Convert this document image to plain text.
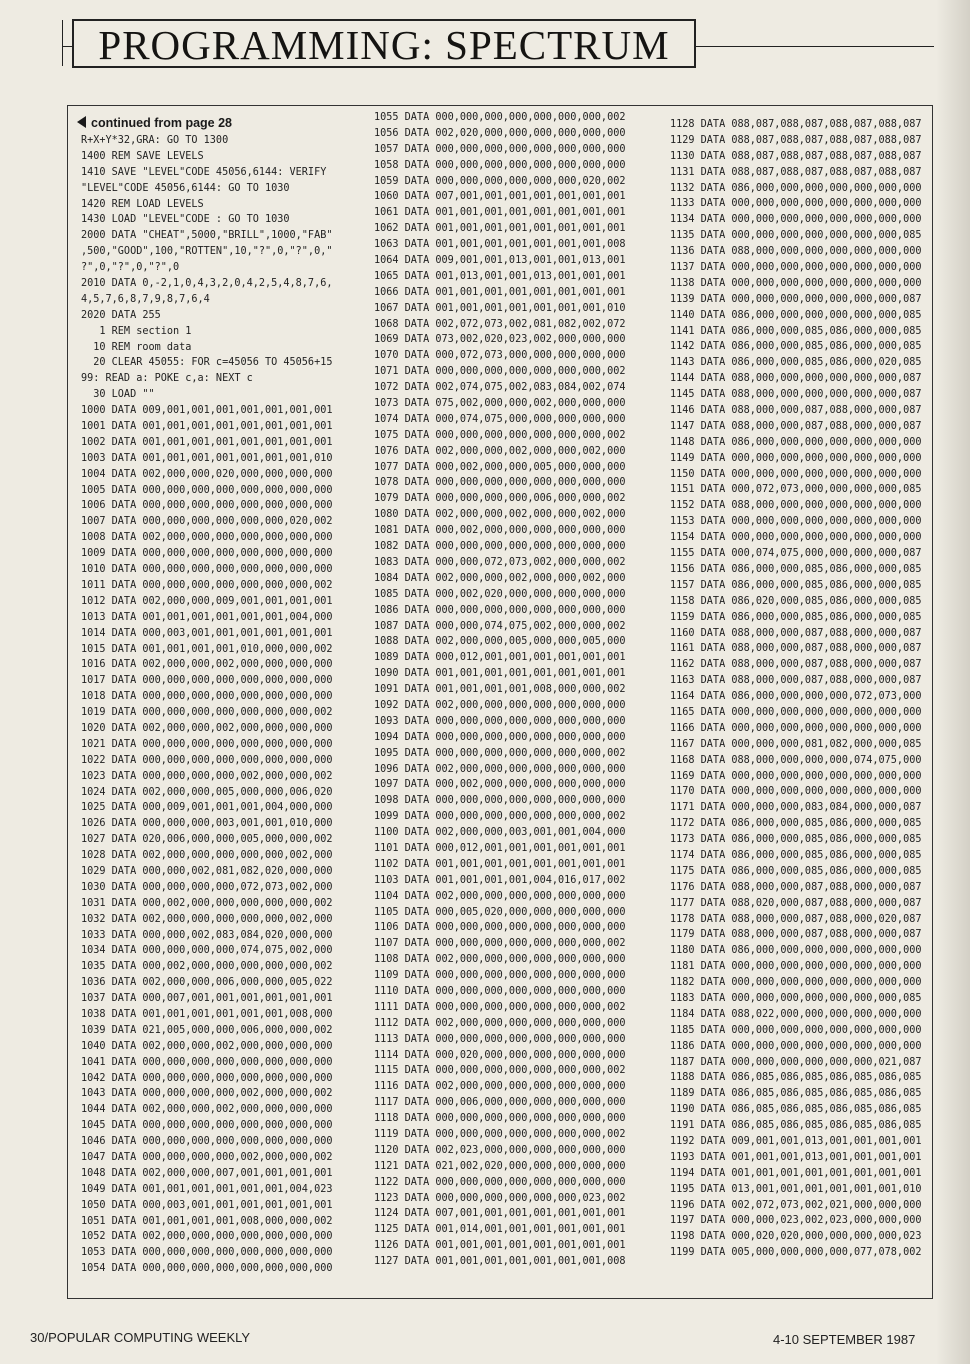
PROGRAMMING: SPECTRUM
continued from page 28
R+X+Y*32,GRA: GO TO 1300
1400 REM SAVE LEVELS
1410 SAVE "LEVEL"CODE 45056,6144: VERIFY
"LEVEL"CODE 45056,6144: GO TO 1030
1420 REM LOAD LEVELS
1430 LOAD "LEVEL"CODE : GO TO 1030
2000 DATA "CHEAT",5000,"BRILL",1000,"FAB"
,500,"GOOD",100,"ROTTEN",10,"?",0,"?",0,"
?",0,"?",0,"?",0
2010 DATA 0,-2,1,0,4,3,2,0,4,2,5,4,8,7,6,
4,5,7,6,8,7,9,8,7,6,4
2020 DATA 255
1 REM section 1
10 REM room data
20 CLEAR 45055: FOR c=45056 TO 45056+15
99: READ a: POKE c,a: NEXT c
30 LOAD ""
1000 DATA 009,001,001,001,001,001,001,001
1001 DATA 001,001,001,001,001,001,001,001
1002 DATA 001,001,001,001,001,001,001,001
1003 DATA 001,001,001,001,001,001,001,010
1004 DATA 002,000,000,020,000,000,000,000
1005 DATA 000,000,000,000,000,000,000,000
1006 DATA 000,000,000,000,000,000,000,000
1007 DATA 000,000,000,000,000,000,020,002
1008 DATA 002,000,000,000,000,000,000,000
1009 DATA 000,000,000,000,000,000,000,000
1010 DATA 000,000,000,000,000,000,000,000
1011 DATA 000,000,000,000,000,000,000,002
1012 DATA 002,000,000,009,001,001,001,001
1013 DATA 001,001,001,001,001,001,004,000
1014 DATA 000,003,001,001,001,001,001,001
1015 DATA 001,001,001,001,010,000,000,002
1016 DATA 002,000,000,002,000,000,000,000
1017 DATA 000,000,000,000,000,000,000,000
1018 DATA 000,000,000,000,000,000,000,000
1019 DATA 000,000,000,000,000,000,000,002
1020 DATA 002,000,000,002,000,000,000,000
1021 DATA 000,000,000,000,000,000,000,000
1022 DATA 000,000,000,000,000,000,000,000
1023 DATA 000,000,000,000,002,000,000,002
1024 DATA 002,000,000,005,000,000,006,020
1025 DATA 000,009,001,001,001,004,000,000
1026 DATA 000,000,000,003,001,001,010,000
1027 DATA 020,006,000,000,005,000,000,002
1028 DATA 002,000,000,000,000,000,002,000
1029 DATA 000,000,002,081,082,020,000,000
1030 DATA 000,000,000,000,072,073,002,000
1031 DATA 000,002,000,000,000,000,000,002
1032 DATA 002,000,000,000,000,000,002,000
1033 DATA 000,000,002,083,084,020,000,000
1034 DATA 000,000,000,000,074,075,002,000
1035 DATA 000,002,000,000,000,000,000,002
1036 DATA 002,000,000,006,000,000,005,022
1037 DATA 000,007,001,001,001,001,001,001
1038 DATA 001,001,001,001,001,001,008,000
1039 DATA 021,005,000,000,006,000,000,002
1040 DATA 002,000,000,002,000,000,000,000
1041 DATA 000,000,000,000,000,000,000,000
1042 DATA 000,000,000,000,000,000,000,000
1043 DATA 000,000,000,000,002,000,000,002
1044 DATA 002,000,000,002,000,000,000,000
1045 DATA 000,000,000,000,000,000,000,000
1046 DATA 000,000,000,000,000,000,000,000
1047 DATA 000,000,000,000,002,000,000,002
1048 DATA 002,000,000,007,001,001,001,001
1049 DATA 001,001,001,001,001,001,004,023
1050 DATA 000,003,001,001,001,001,001,001
1051 DATA 001,001,001,001,008,000,000,002
1052 DATA 002,000,000,000,000,000,000,000
1053 DATA 000,000,000,000,000,000,000,000
1054 DATA 000,000,000,000,000,000,000,000
1055 DATA 000,000,000,000,000,000,000,002
1056 DATA 002,020,000,000,000,000,000,000
1057 DATA 000,000,000,000,000,000,000,000
1058 DATA 000,000,000,000,000,000,000,000
1059 DATA 000,000,000,000,000,000,020,002
1060 DATA 007,001,001,001,001,001,001,001
1061 DATA 001,001,001,001,001,001,001,001
1062 DATA 001,001,001,001,001,001,001,001
1063 DATA 001,001,001,001,001,001,001,008
1064 DATA 009,001,001,013,001,001,013,001
1065 DATA 001,013,001,001,013,001,001,001
1066 DATA 001,001,001,001,001,001,001,001
1067 DATA 001,001,001,001,001,001,001,010
1068 DATA 002,072,073,002,081,082,002,072
1069 DATA 073,002,020,023,002,000,000,000
1070 DATA 000,072,073,000,000,000,000,000
1071 DATA 000,000,000,000,000,000,000,002
1072 DATA 002,074,075,002,083,084,002,074
1073 DATA 075,002,000,000,002,000,000,000
1074 DATA 000,074,075,000,000,000,000,000
1075 DATA 000,000,000,000,000,000,000,002
1076 DATA 002,000,000,002,000,000,002,000
1077 DATA 000,002,000,000,005,000,000,000
1078 DATA 000,000,000,000,000,000,000,000
1079 DATA 000,000,000,000,006,000,000,002
1080 DATA 002,000,000,002,000,000,002,000
1081 DATA 000,002,000,000,000,000,000,000
1082 DATA 000,000,000,000,000,000,000,000
1083 DATA 000,000,072,073,002,000,000,002
1084 DATA 002,000,000,002,000,000,002,000
1085 DATA 000,002,020,000,000,000,000,000
1086 DATA 000,000,000,000,000,000,000,000
1087 DATA 000,000,074,075,002,000,000,002
1088 DATA 002,000,000,005,000,000,005,000
1089 DATA 000,012,001,001,001,001,001,001
1090 DATA 001,001,001,001,001,001,001,001
1091 DATA 001,001,001,001,008,000,000,002
1092 DATA 002,000,000,000,000,000,000,000
1093 DATA 000,000,000,000,000,000,000,000
1094 DATA 000,000,000,000,000,000,000,000
1095 DATA 000,000,000,000,000,000,000,002
1096 DATA 002,000,000,000,000,000,000,000
1097 DATA 000,002,000,000,000,000,000,000
1098 DATA 000,000,000,000,000,000,000,000
1099 DATA 000,000,000,000,000,000,000,002
1100 DATA 002,000,000,003,001,001,004,000
1101 DATA 000,012,001,001,001,001,001,001
1102 DATA 001,001,001,001,001,001,001,001
1103 DATA 001,001,001,001,004,016,017,002
1104 DATA 002,000,000,000,000,000,000,000
1105 DATA 000,005,020,000,000,000,000,000
1106 DATA 000,000,000,000,000,000,000,000
1107 DATA 000,000,000,000,000,000,000,002
1108 DATA 002,000,000,000,000,000,000,000
1109 DATA 000,000,000,000,000,000,000,000
1110 DATA 000,000,000,000,000,000,000,000
1111 DATA 000,000,000,000,000,000,000,002
1112 DATA 002,000,000,000,000,000,000,000
1113 DATA 000,000,000,000,000,000,000,000
1114 DATA 000,020,000,000,000,000,000,000
1115 DATA 000,000,000,000,000,000,000,002
1116 DATA 002,000,000,000,000,000,000,000
1117 DATA 000,006,000,000,000,000,000,000
1118 DATA 000,000,000,000,000,000,000,000
1119 DATA 000,000,000,000,000,000,000,002
1120 DATA 002,023,000,000,000,000,000,000
1121 DATA 021,002,020,000,000,000,000,000
1122 DATA 000,000,000,000,000,000,000,000
1123 DATA 000,000,000,000,000,000,023,002
1124 DATA 007,001,001,001,001,001,001,001
1125 DATA 001,014,001,001,001,001,001,001
1126 DATA 001,001,001,001,001,001,001,001
1127 DATA 001,001,001,001,001,001,001,008
1128 DATA 088,087,088,087,088,087,088,087
1129 DATA 088,087,088,087,088,087,088,087
1130 DATA 088,087,088,087,088,087,088,087
1131 DATA 088,087,088,087,088,087,088,087
1132 DATA 086,000,000,000,000,000,000,000
1133 DATA 000,000,000,000,000,000,000,000
1134 DATA 000,000,000,000,000,000,000,000
1135 DATA 000,000,000,000,000,000,000,085
1136 DATA 088,000,000,000,000,000,000,000
1137 DATA 000,000,000,000,000,000,000,000
1138 DATA 000,000,000,000,000,000,000,000
1139 DATA 000,000,000,000,000,000,000,087
1140 DATA 086,000,000,000,000,000,000,085
1141 DATA 086,000,000,085,086,000,000,085
1142 DATA 086,000,000,085,086,000,000,085
1143 DATA 086,000,000,085,086,000,020,085
1144 DATA 088,000,000,000,000,000,000,087
1145 DATA 088,000,000,000,000,000,000,087
1146 DATA 088,000,000,087,088,000,000,087
1147 DATA 088,000,000,087,088,000,000,087
1148 DATA 086,000,000,000,000,000,000,000
1149 DATA 000,000,000,000,000,000,000,000
1150 DATA 000,000,000,000,000,000,000,000
1151 DATA 000,072,073,000,000,000,000,085
1152 DATA 088,000,000,000,000,000,000,000
1153 DATA 000,000,000,000,000,000,000,000
1154 DATA 000,000,000,000,000,000,000,000
1155 DATA 000,074,075,000,000,000,000,087
1156 DATA 086,000,000,085,086,000,000,085
1157 DATA 086,000,000,085,086,000,000,085
1158 DATA 086,020,000,085,086,000,000,085
1159 DATA 086,000,000,085,086,000,000,085
1160 DATA 088,000,000,087,088,000,000,087
1161 DATA 088,000,000,087,088,000,000,087
1162 DATA 088,000,000,087,088,000,000,087
1163 DATA 088,000,000,087,088,000,000,087
1164 DATA 086,000,000,000,000,072,073,000
1165 DATA 000,000,000,000,000,000,000,000
1166 DATA 000,000,000,000,000,000,000,000
1167 DATA 000,000,000,081,082,000,000,085
1168 DATA 088,000,000,000,000,074,075,000
1169 DATA 000,000,000,000,000,000,000,000
1170 DATA 000,000,000,000,000,000,000,000
1171 DATA 000,000,000,083,084,000,000,087
1172 DATA 086,000,000,085,086,000,000,085
1173 DATA 086,000,000,085,086,000,000,085
1174 DATA 086,000,000,085,086,000,000,085
1175 DATA 086,000,000,085,086,000,000,085
1176 DATA 088,000,000,087,088,000,000,087
1177 DATA 088,020,000,087,088,000,000,087
1178 DATA 088,000,000,087,088,000,020,087
1179 DATA 088,000,000,087,088,000,000,087
1180 DATA 086,000,000,000,000,000,000,000
1181 DATA 000,000,000,000,000,000,000,000
1182 DATA 000,000,000,000,000,000,000,000
1183 DATA 000,000,000,000,000,000,000,085
1184 DATA 088,022,000,000,000,000,000,000
1185 DATA 000,000,000,000,000,000,000,000
1186 DATA 000,000,000,000,000,000,000,000
1187 DATA 000,000,000,000,000,000,021,087
1188 DATA 086,085,086,085,086,085,086,085
1189 DATA 086,085,086,085,086,085,086,085
1190 DATA 086,085,086,085,086,085,086,085
1191 DATA 086,085,086,085,086,085,086,085
1192 DATA 009,001,001,013,001,001,001,001
1193 DATA 001,001,001,013,001,001,001,001
1194 DATA 001,001,001,001,001,001,001,001
1195 DATA 013,001,001,001,001,001,001,010
1196 DATA 002,072,073,002,021,000,000,000
1197 DATA 000,000,023,002,023,000,000,000
1198 DATA 000,020,020,000,000,000,000,023
1199 DATA 005,000,000,000,000,077,078,002
30/POPULAR COMPUTING WEEKLY	4-10 SEPTEMBER 1987
